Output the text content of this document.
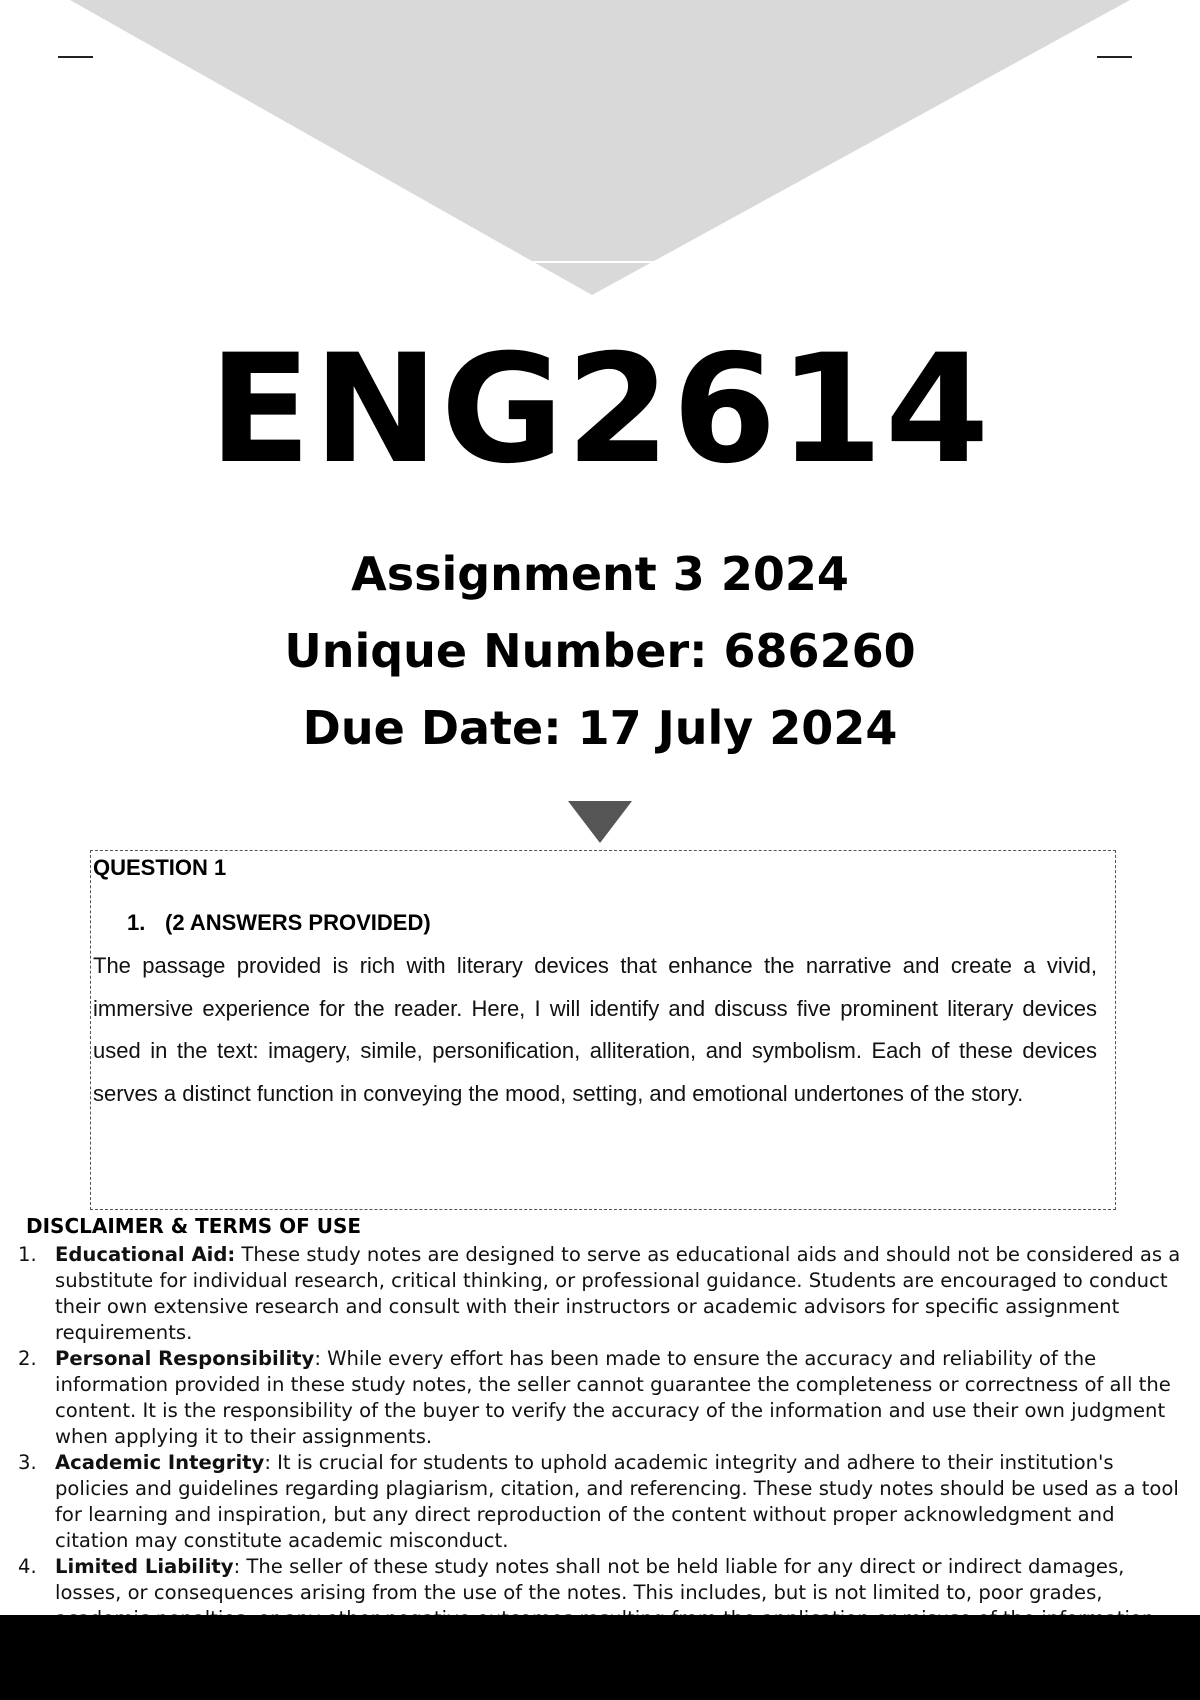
ENG2614
Assignment 3 2024
Unique Number: 686260
Due Date: 17 July 2024
QUESTION 1
1. (2 ANSWERS PROVIDED)
The passage provided is rich with literary devices that enhance the narrative and create a vivid, immersive experience for the reader. Here, I will identify and discuss five prominent literary devices used in the text: imagery, simile, personification, alliteration, and symbolism. Each of these devices serves a distinct function in conveying the mood, setting, and emotional undertones of the story.
DISCLAIMER & TERMS OF USE
1. Educational Aid: These study notes are designed to serve as educational aids and should not be considered as a substitute for individual research, critical thinking, or professional guidance. Students are encouraged to conduct their own extensive research and consult with their instructors or academic advisors for specific assignment requirements.
2. Personal Responsibility: While every effort has been made to ensure the accuracy and reliability of the information provided in these study notes, the seller cannot guarantee the completeness or correctness of all the content. It is the responsibility of the buyer to verify the accuracy of the information and use their own judgment when applying it to their assignments.
3. Academic Integrity: It is crucial for students to uphold academic integrity and adhere to their institution's policies and guidelines regarding plagiarism, citation, and referencing. These study notes should be used as a tool for learning and inspiration, but any direct reproduction of the content without proper acknowledgment and citation may constitute academic misconduct.
4. Limited Liability: The seller of these study notes shall not be held liable for any direct or indirect damages, losses, or consequences arising from the use of the notes. This includes, but is not limited to, poor grades,
